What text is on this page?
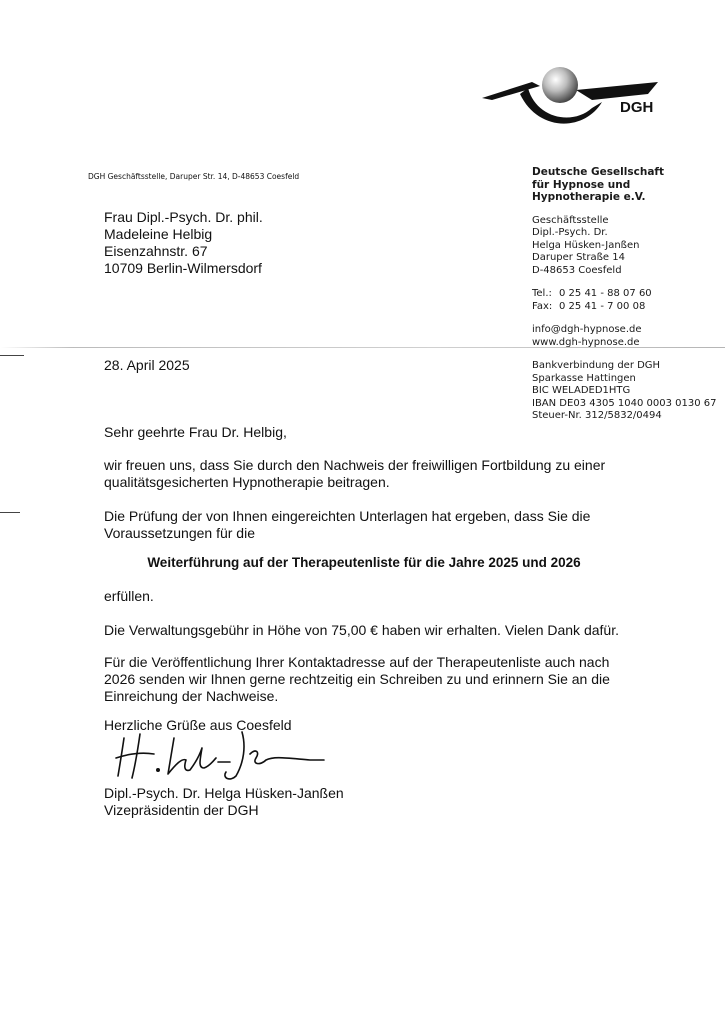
DGH
DGH Geschäftsstelle, Daruper Str. 14, D-48653 Coesfeld
Frau Dipl.-Psych. Dr. phil.
Madeleine Helbig
Eisenzahnstr. 67
10709 Berlin-Wilmersdorf
Deutsche Gesellschaft
für Hypnose und
Hypnotherapie e.V.
Geschäftsstelle
Dipl.-Psych. Dr.
Helga Hüsken-Janßen
Daruper Straße 14
D-48653 Coesfeld
Tel.: 0 25 41 - 88 07 60
Fax: 0 25 41 - 7 00 08
info@dgh-hypnose.de
www.dgh-hypnose.de
Bankverbindung der DGH
Sparkasse Hattingen
BIC WELADED1HTG
IBAN DE03 4305 1040 0003 0130 67
Steuer-Nr. 312/5832/0494
28. April 2025
Sehr geehrte Frau Dr. Helbig,
wir freuen uns, dass Sie durch den Nachweis der freiwilligen Fortbildung zu einer qualitätsgesicherten Hypnotherapie beitragen.
Die Prüfung der von Ihnen eingereichten Unterlagen hat ergeben, dass Sie die Voraussetzungen für die
Weiterführung auf der Therapeutenliste für die Jahre 2025 und 2026
erfüllen.
Die Verwaltungsgebühr in Höhe von 75,00 € haben wir erhalten. Vielen Dank dafür.
Für die Veröffentlichung Ihrer Kontaktadresse auf der Therapeutenliste auch nach 2026 senden wir Ihnen gerne rechtzeitig ein Schreiben zu und erinnern Sie an die Einreichung der Nachweise.
Herzliche Grüße aus Coesfeld
Dipl.-Psych. Dr. Helga Hüsken-Janßen
Vizepräsidentin der DGH
